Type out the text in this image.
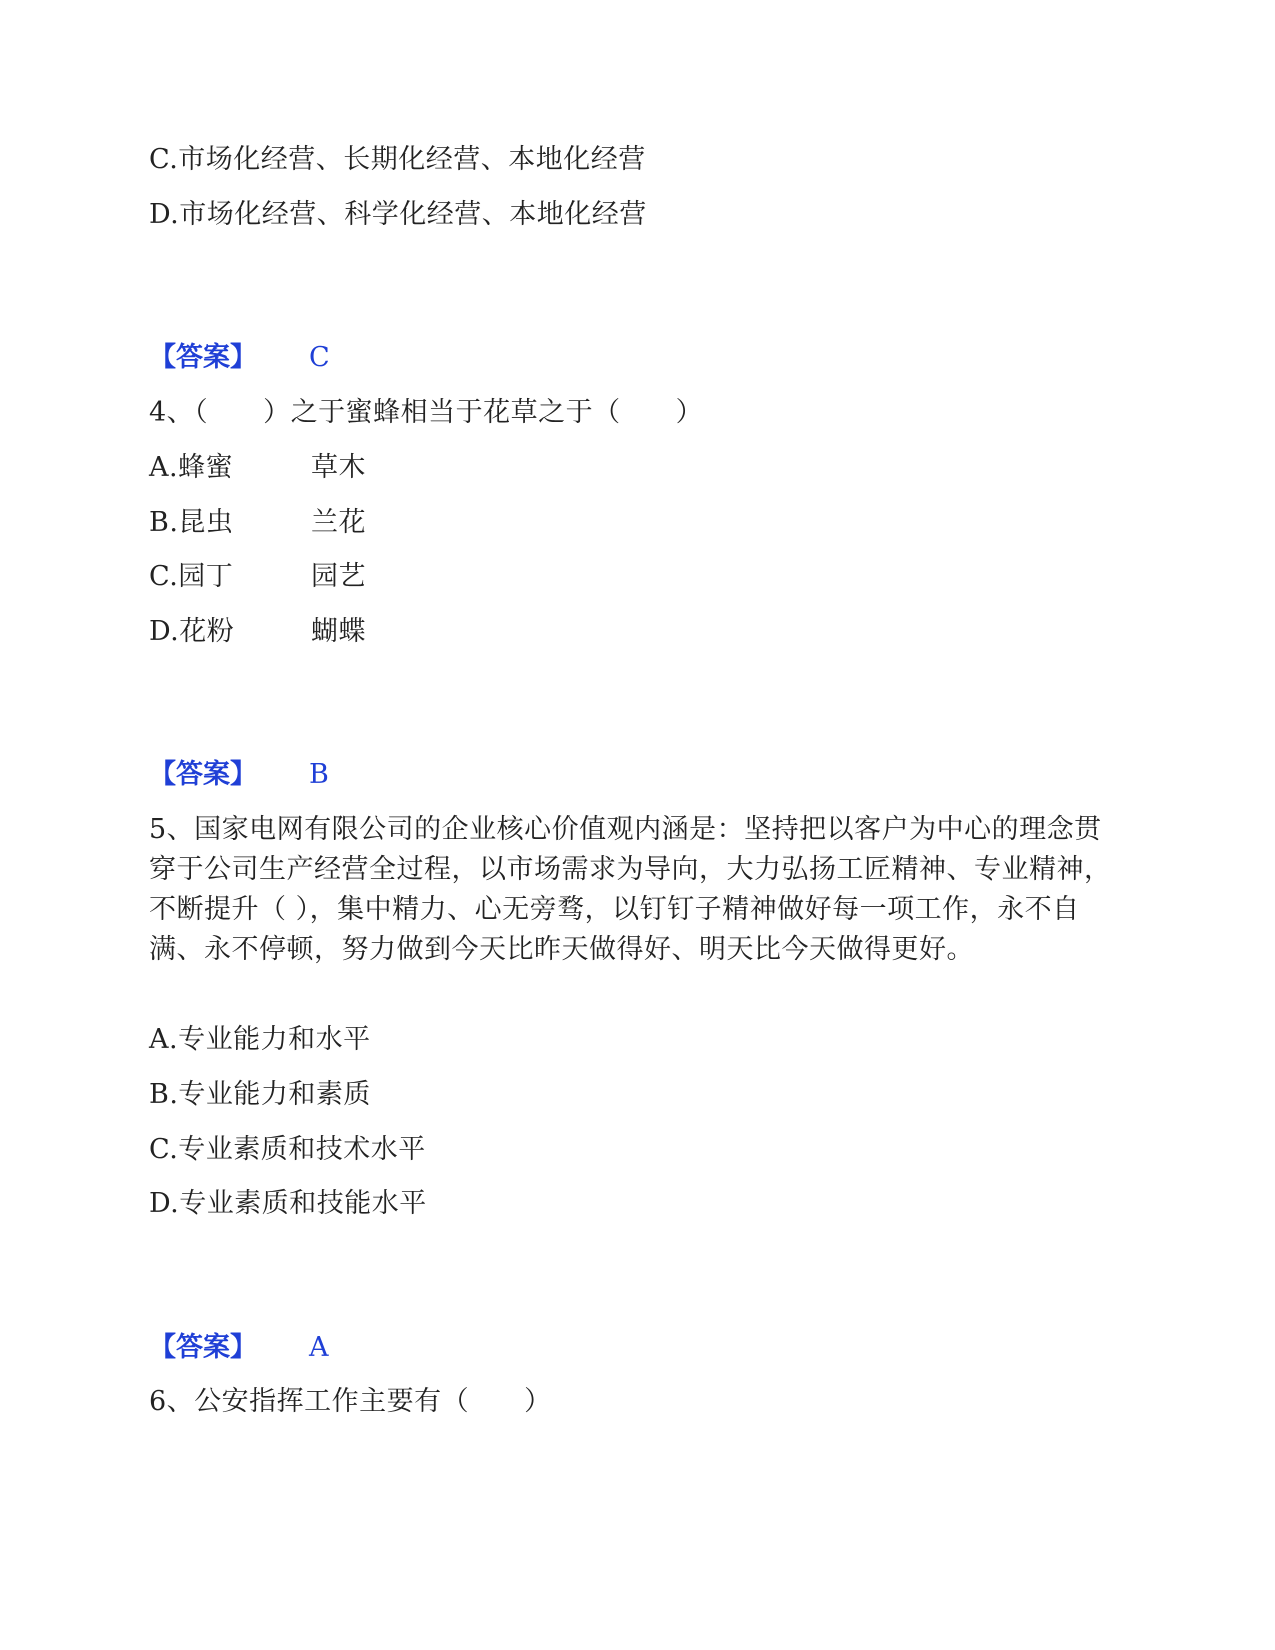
C.市场化经营、长期化经营、本地化经营
D.市场化经营、科学化经营、本地化经营
【答案】 C
4、（　　）之于蜜蜂相当于花草之于（　　）
A.蜂蜜	草木
B.昆虫	兰花
C.园丁	园艺
D.花粉	蝴蝶
【答案】 B
5、国家电网有限公司的企业核心价值观内涵是：坚持把以客户为中心的理念贯穿于公司生产经营全过程，以市场需求为导向，大力弘扬工匠精神、专业精神，不断提升（ ），集中精力、心无旁骛，以钉钉子精神做好每一项工作，永不自满、永不停顿，努力做到今天比昨天做得好、明天比今天做得更好。
A.专业能力和水平
B.专业能力和素质
C.专业素质和技术水平
D.专业素质和技能水平
【答案】 A
6、公安指挥工作主要有（　　）
